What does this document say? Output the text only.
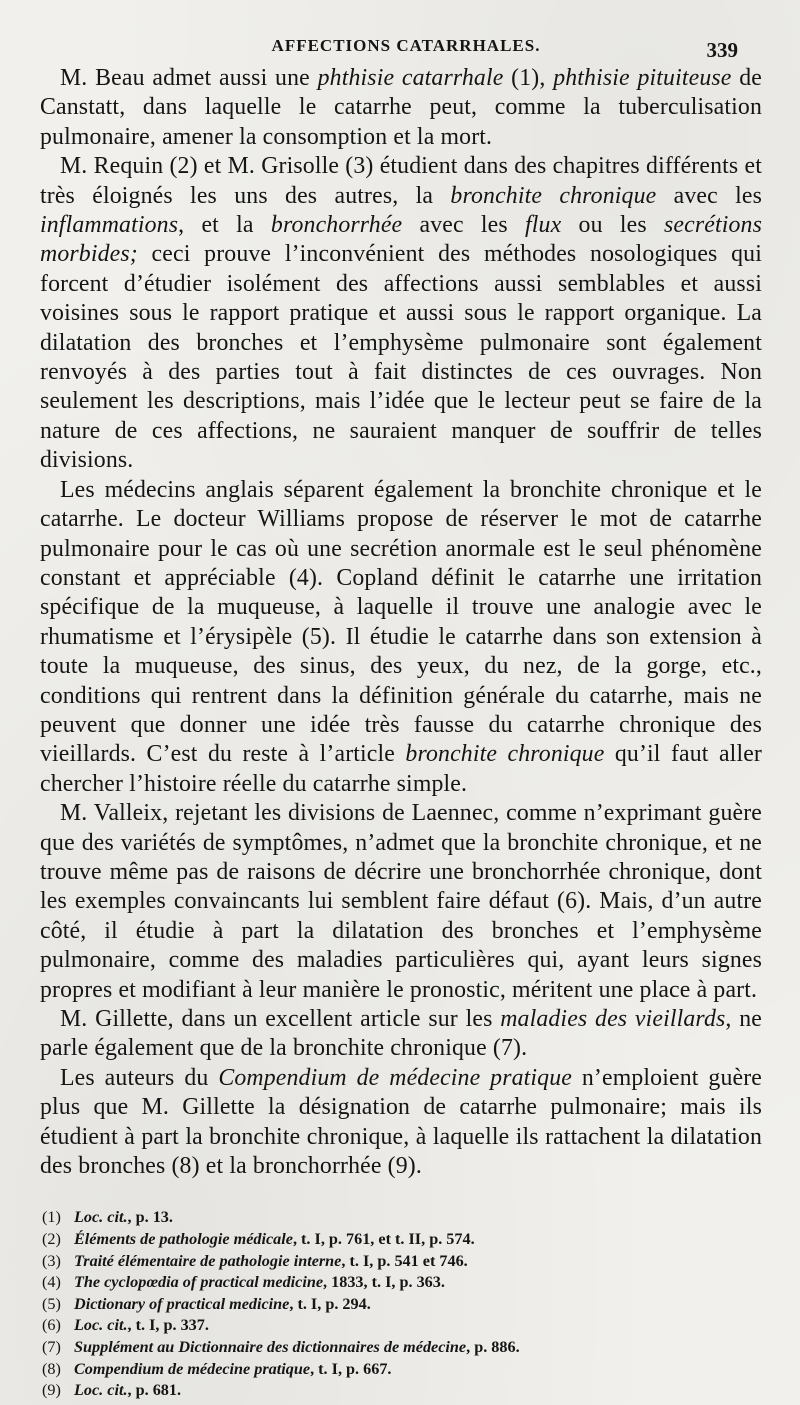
AFFECTIONS CATARRHALES.	339

M. Beau admet aussi une phthisie catarrhale (1), phthisie pituiteuse de Canstatt, dans laquelle le catarrhe peut, comme la tuberculisation pulmonaire, amener la consomption et la mort.

M. Requin (2) et M. Grisolle (3) étudient dans des chapitres différents et très éloignés les uns des autres, la bronchite chronique avec les inflammations, et la bronchorrhée avec les flux ou les secrétions morbides; ceci prouve l’inconvénient des méthodes nosologiques qui forcent d’étudier isolément des affections aussi semblables et aussi voisines sous le rapport pratique et aussi sous le rapport organique. La dilatation des bronches et l’emphysème pulmonaire sont également renvoyés à des parties tout à fait distinctes de ces ouvrages. Non seulement les descriptions, mais l’idée que le lecteur peut se faire de la nature de ces affections, ne sauraient manquer de souffrir de telles divisions.

Les médecins anglais séparent également la bronchite chronique et le catarrhe. Le docteur Williams propose de réserver le mot de catarrhe pulmonaire pour le cas où une secrétion anormale est le seul phénomène constant et appréciable (4). Copland définit le catarrhe une irritation spécifique de la muqueuse, à laquelle il trouve une analogie avec le rhumatisme et l’érysipèle (5). Il étudie le catarrhe dans son extension à toute la muqueuse, des sinus, des yeux, du nez, de la gorge, etc., conditions qui rentrent dans la définition générale du catarrhe, mais ne peuvent que donner une idée très fausse du catarrhe chronique des vieillards. C’est du reste à l’article bronchite chronique qu’il faut aller chercher l’histoire réelle du catarrhe simple.

M. Valleix, rejetant les divisions de Laennec, comme n’exprimant guère que des variétés de symptômes, n’admet que la bronchite chronique, et ne trouve même pas de raisons de décrire une bronchorrhée chronique, dont les exemples convaincants lui semblent faire défaut (6). Mais, d’un autre côté, il étudie à part la dilatation des bronches et l’emphysème pulmonaire, comme des maladies particulières qui, ayant leurs signes propres et modifiant à leur manière le pronostic, méritent une place à part.

M. Gillette, dans un excellent article sur les maladies des vieillards, ne parle également que de la bronchite chronique (7).

Les auteurs du Compendium de médecine pratique n’emploient guère plus que M. Gillette la désignation de catarrhe pulmonaire; mais ils étudient à part la bronchite chronique, à laquelle ils rattachent la dilatation des bronches (8) et la bronchorrhée (9).

(1) Loc. cit., p. 13.
(2) Éléments de pathologie médicale, t. I, p. 761, et t. II, p. 574.
(3) Traité élémentaire de pathologie interne, t. I, p. 541 et 746.
(4) The cyclopœdia of practical medicine, 1833, t. I, p. 363.
(5) Dictionary of practical medicine, t. I, p. 294.
(6) Loc. cit., t. I, p. 337.
(7) Supplément au Dictionnaire des dictionnaires de médecine, p. 886.
(8) Compendium de médecine pratique, t. I, p. 667.
(9) Loc. cit., p. 681.
